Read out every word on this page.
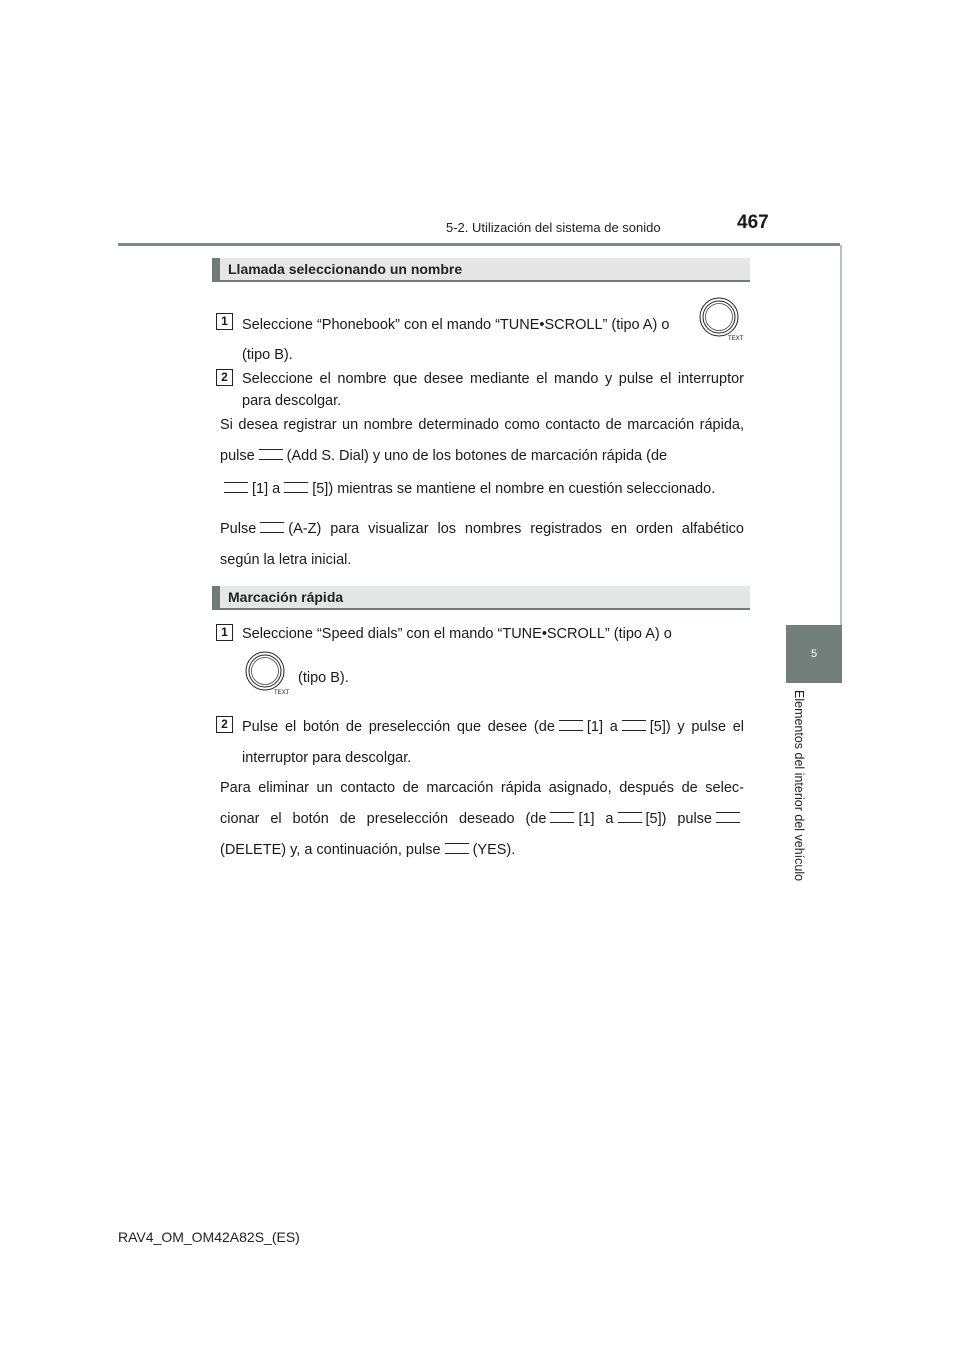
5-2. Utilización del sistema de sonido	467
5
Elementos del interior del vehículo
Llamada seleccionando un nombre
1 Seleccione “Phonebook” con el mando “TUNE•SCROLL” (tipo A) o

TEXT

(tipo B).

2 Seleccione el nombre que desee mediante el mando y pulse el interruptor para descolgar.

Si desea registrar un nombre determinado como contacto de marcación rápida, pulse (Add S. Dial) y uno de los botones de marcación rápida (de

[1] a [5]) mientras se mantiene el nombre en cuestión seleccionado.

Pulse (A-Z) para visualizar los nombres registrados en orden alfabético según la letra inicial.

Marcación rápida
1 Seleccione “Speed dials” con el mando “TUNE•SCROLL” (tipo A) o

TEXT

(tipo B).

2 Pulse el botón de preselección que desee (de [1] a [5]) y pulse el interruptor para descolgar.

Para eliminar un contacto de marcación rápida asignado, después de selec-cionar el botón de preselección deseado (de [1] a [5]) pulse (DELETE) y, a continuación, pulse (YES).

RAV4_OM_OM42A82S_(ES)
